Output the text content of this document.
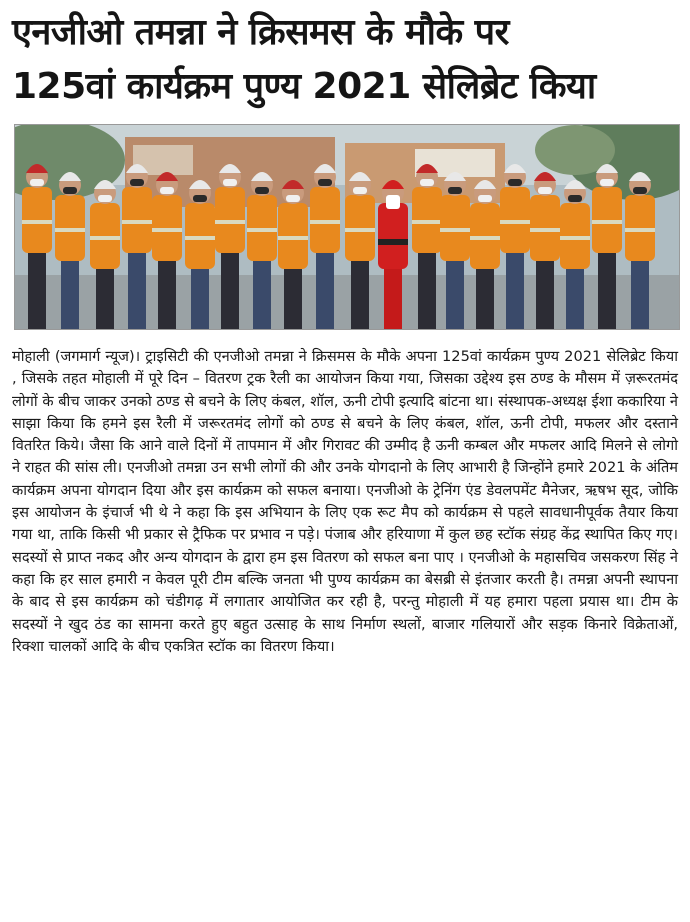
एनजीओ तमन्ना ने क्रिसमस के मौके पर
125वां कार्यक्रम पुण्य 2021 सेलिब्रेट किया

मोहाली (जगमार्ग न्यूज)। ट्राइसिटी की एनजीओ तमन्ना ने क्रिसमस के मौके अपना 125वां कार्यक्रम पुण्य 2021 सेलिब्रेट किया , जिसके तहत मोहाली में पूरे दिन – वितरण ट्रक रैली का आयोजन किया गया, जिसका उद्देश्य इस ठण्ड के मौसम में ज़रूरतमंद लोगों के बीच जाकर उनको ठण्ड से बचने के लिए कंबल, शॉल, ऊनी टोपी इत्यादि बांटना था। संस्थापक-अध्यक्ष ईशा ककारिया ने साझा किया कि हमने इस रैली में जरूरतमंद लोगों को ठण्ड से बचने के लिए कंबल, शॉल, ऊनी टोपी, मफलर और दस्ताने वितरित किये। जैसा कि आने वाले दिनों में तापमान में और गिरावट की उम्मीद है ऊनी कम्बल और मफलर आदि मिलने से लोगो ने राहत की सांस ली। एनजीओ तमन्ना उन सभी लोगों की और उनके योगदानो के लिए आभारी है जिन्होंने हमारे 2021 के अंतिम कार्यक्रम अपना योगदान दिया और इस कार्यक्रम को सफल बनाया। एनजीओ के ट्रेनिंग एंड डेवलपमेंट मैनेजर, ऋषभ सूद, जोकि इस आयोजन के इंचार्ज भी थे ने कहा कि इस अभियान के लिए एक रूट मैप को कार्यक्रम से पहले सावधानीपूर्वक तैयार किया गया था, ताकि किसी भी प्रकार से ट्रैफिक पर प्रभाव न पड़े। पंजाब और हरियाणा में कुल छह स्टॉक संग्रह केंद्र स्थापित किए गए। सदस्यों से प्राप्त नकद और अन्य योगदान के द्वारा हम इस वितरण को सफल बना पाए । एनजीओ के महासचिव जसकरण सिंह ने कहा कि हर साल हमारी न केवल पूरी टीम बल्कि जनता भी पुण्य कार्यक्रम का बेसब्री से इंतजार करती है। तमन्ना अपनी स्थापना के बाद से इस कार्यक्रम को चंडीगढ़ में लगातार आयोजित कर रही है, परन्तु मोहाली में यह हमारा पहला प्रयास था। टीम के सदस्यों ने खुद ठंड का सामना करते हुए बहुत उत्साह के साथ निर्माण स्थलों, बाजार गलियारों और सड़क किनारे विक्रेताओं, रिक्शा चालकों आदि के बीच एकत्रित स्टॉक का वितरण किया।
